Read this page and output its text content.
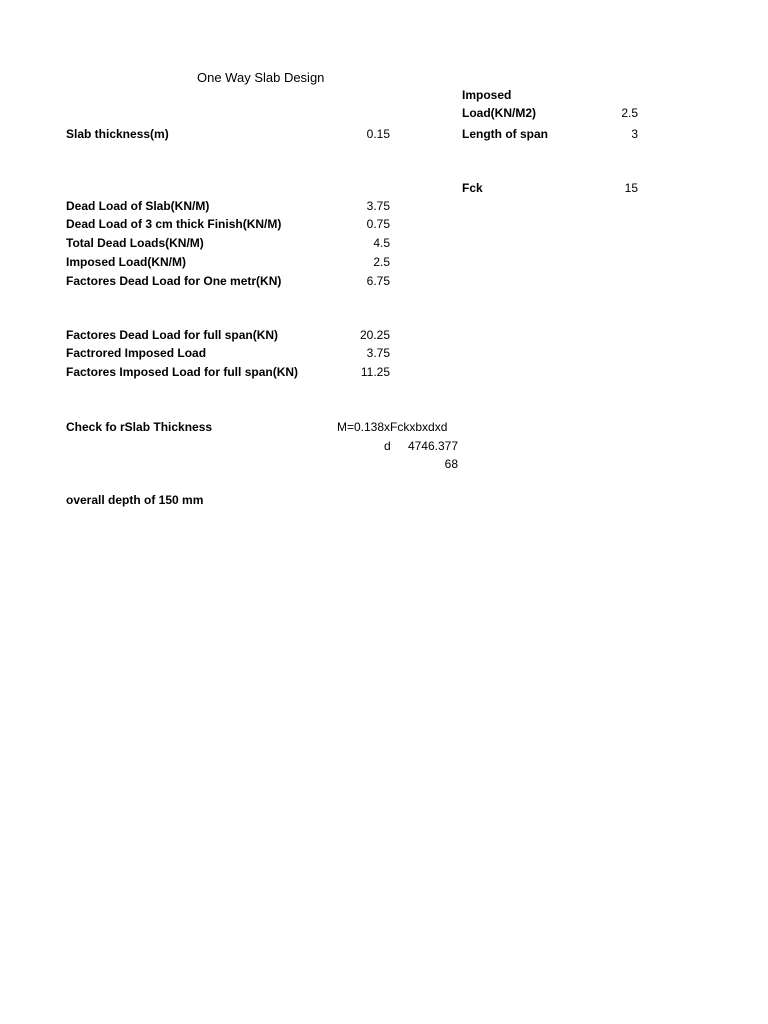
One Way Slab Design
Imposed
Load(KN/M2)	2.5
Length of span	3
Fck	15
Slab thickness(m)	0.15
Dead Load of Slab(KN/M)	3.75
Dead Load of 3 cm thick Finish(KN/M)	0.75
Total Dead Loads(KN/M)	4.5
Imposed Load(KN/M)	2.5
Factores Dead Load for One metr(KN)	6.75
Factores Dead Load for full span(KN)	20.25
Factrored Imposed Load	3.75
Factores Imposed Load for full span(KN)	11.25
Check fo rSlab Thickness	M=0.138xFckxbxdxd
d	4746.377
68
overall depth of 150 mm
